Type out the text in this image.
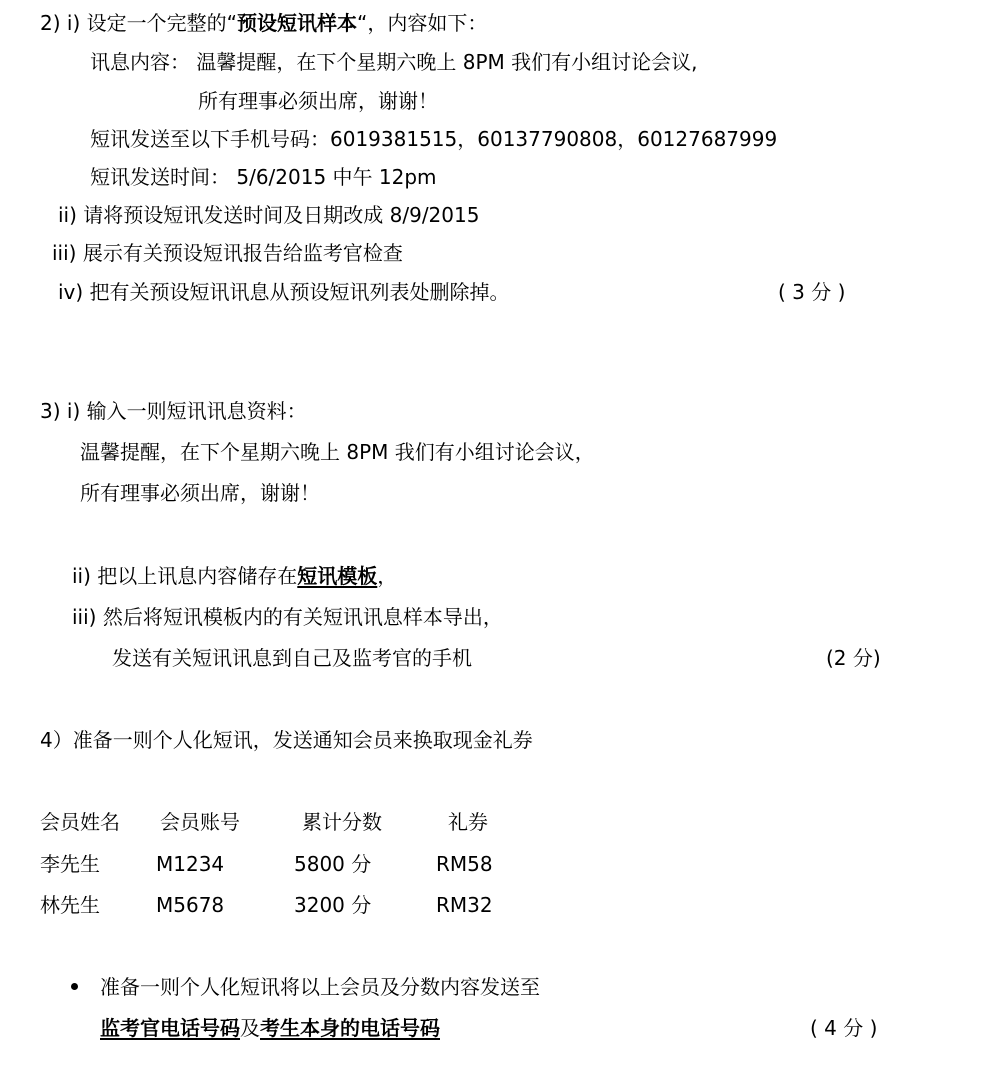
2) i) 设定一个完整的“预设短讯样本“，内容如下：
讯息内容： 温馨提醒，在下个星期六晚上 8PM 我们有小组讨论会议,
所有理事必须出席，谢谢！
短讯发送至以下手机号码：6019381515，60137790808，60127687999
短讯发送时间： 5/6/2015 中午 12pm
ii) 请将预设短讯发送时间及日期改成 8/9/2015
iii) 展示有关预设短讯报告给监考官检查
iv) 把有关预设短讯讯息从预设短讯列表处删除掉。	( 3 分 )
3) i) 输入一则短讯讯息资料：
温馨提醒，在下个星期六晚上 8PM 我们有小组讨论会议，
所有理事必须出席，谢谢！
ii) 把以上讯息内容储存在短讯模板，
iii) 然后将短讯模板内的有关短讯讯息样本导出，
发送有关短讯讯息到自己及监考官的手机	(2 分)
4）准备一则个人化短讯，发送通知会员来换取现金礼券
会员姓名 会员账号	累计分数	礼券
李先生	M1234	5800 分	RM58
林先生	M5678	3200 分	RM32
准备一则个人化短讯将以上会员及分数内容发送至
监考官电话号码及考生本身的电话号码	( 4 分 )
